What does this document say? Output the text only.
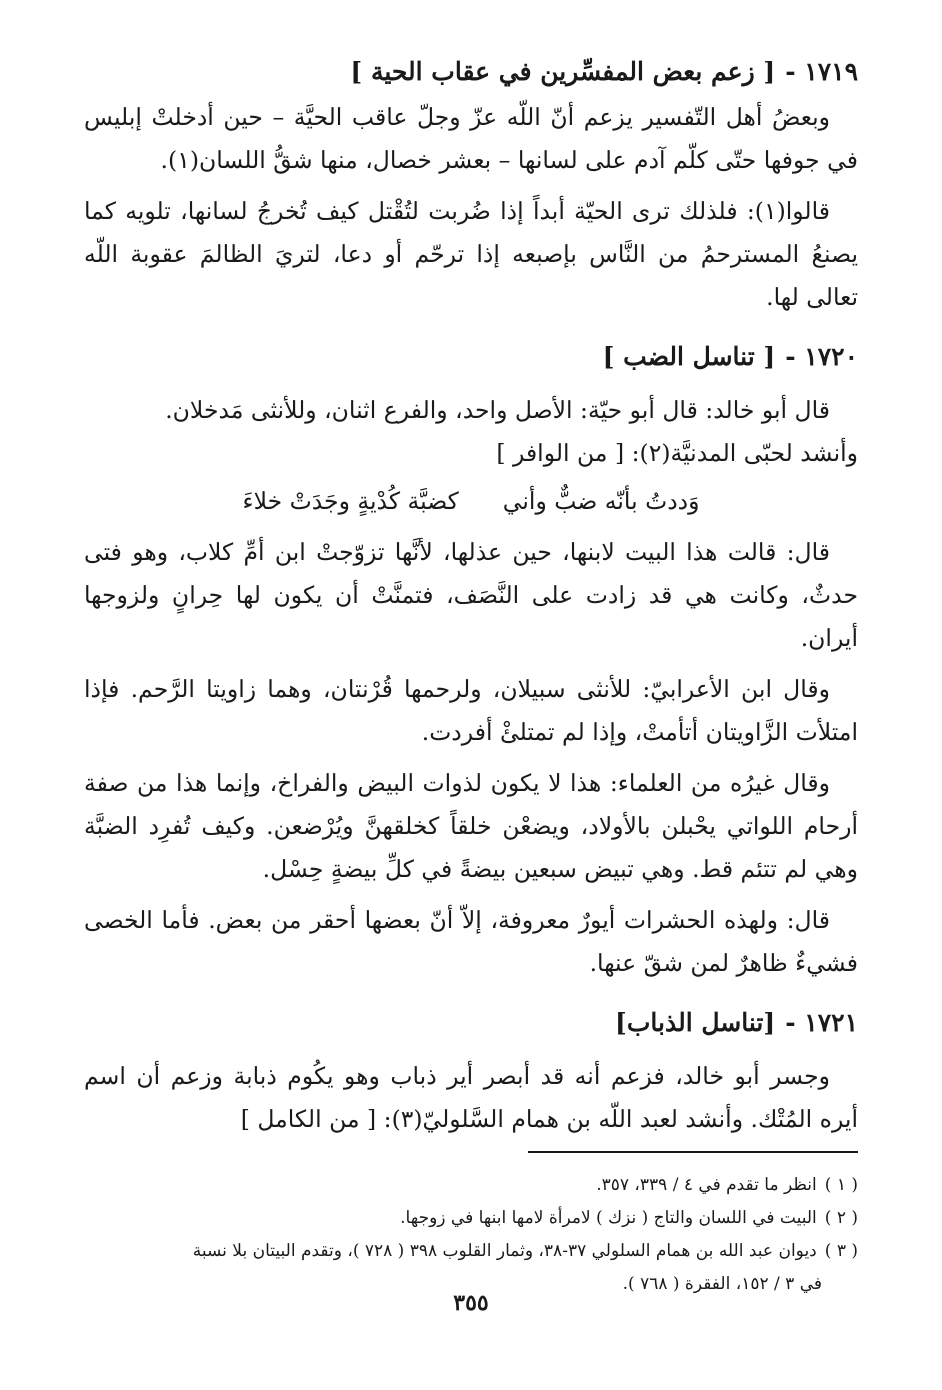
١٧١٩ -[ زعم بعض المفسِّرين في عقاب الحية ]

وبعضُ أهل التّفسير يزعم أنّ اللّه عزّ وجلّ عاقب الحيَّة – حين أدخلتْ إبليس في جوفها حتّى كلّم آدم على لسانها – بعشر خصال، منها شقُّ اللسان(١).

قالوا(١): فلذلك ترى الحيّة أبداً إذا ضُربت لتُقْتل كيف تُخرجُ لسانها، تلويه كما يصنعُ المسترحمُ من النَّاس بإصبعه إذا ترحّم أو دعا، لتريَ الظالمَ عقوبة اللّه تعالى لها.

١٧٢٠ -[ تناسل الضب ]

قال أبو خالد: قال أبو حيّة: الأصل واحد، والفرع اثنان، وللأنثى مَدخلان.

وأنشد لحبّى المدنيَّة(٢): [ من الوافر ]

وَددتُ بأنّه ضبٌّ وأني
كضبَّة كُدْيةٍ وجَدَتْ خلاءَ

قال: قالت هذا البيت لابنها، حين عذلها، لأنَّها تزوّجتْ ابن أمِّ كلاب، وهو فتى حدثٌ، وكانت هي قد زادت على النَّصَف، فتمنَّتْ أن يكون لها حِرانٍ ولزوجها أيران.

وقال ابن الأعرابيّ: للأنثى سبيلان، ولرحمها قُرْنتان، وهما زاويتا الرَّحم. فإذا امتلأت الزَّاويتان أتأمتْ، وإذا لم تمتلئْ أفردت.

وقال غيرُه من العلماء: هذا لا يكون لذوات البيض والفراخ، وإنما هذا من صفة أرحام اللواتي يحْبلن بالأولاد، ويضعْن خلقاً كخلقهنَّ ويُرْضعن. وكيف تُفرِد الضبَّة وهي لم تتئم قط. وهي تبيض سبعين بيضةً في كلِّ بيضةٍ حِسْل.

قال: ولهذه الحشرات أيورٌ معروفة، إلاّ أنّ بعضها أحقر من بعض. فأما الخصى فشيءٌ ظاهرٌ لمن شقّ عنها.

١٧٢١ -[تناسل الذباب]

وجسر أبو خالد، فزعم أنه قد أبصر أير ذباب وهو يكُوم ذبابة وزعم أن اسم أيره المُتْك. وأنشد لعبد اللّه بن همام السَّلوليّ(٣): [ من الكامل ]

( ١ )انظر ما تقدم في ٤ / ٣٣٩، ٣٥٧.

( ٢ )البيت في اللسان والتاج ( نزك ) لامرأة لامها ابنها في زوجها.

( ٣ )ديوان عبد الله بن همام السلولي ٣٧-٣٨، وثمار القلوب ٣٩٨ ( ٧٢٨ )، وتقدم البيتان بلا نسبة

في ٣ / ١٥٢، الفقرة ( ٧٦٨ ).

٣٥٥
